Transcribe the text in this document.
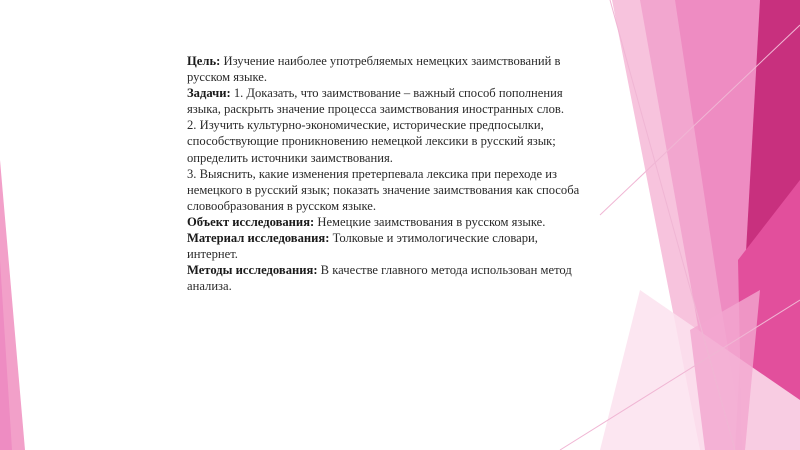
Цель: Изучение наиболее употребляемых немецких заимствований в русском языке.

Задачи: 1. Доказать, что заимствование – важный способ пополнения языка, раскрыть значение процесса заимствования иностранных слов.

2. Изучить культурно-экономические, исторические предпосылки, способствующие проникновению немецкой лексики в русский язык; определить источники заимствования.

3. Выяснить, какие изменения претерпевала лексика при переходе из немецкого в русский язык; показать значение заимствования как способа словообразования в русском языке.

Объект исследования: Немецкие заимствования в русском языке.

Материал исследования: Толковые и этимологические словари, интернет.

Методы исследования: В качестве главного метода использован метод анализа.
